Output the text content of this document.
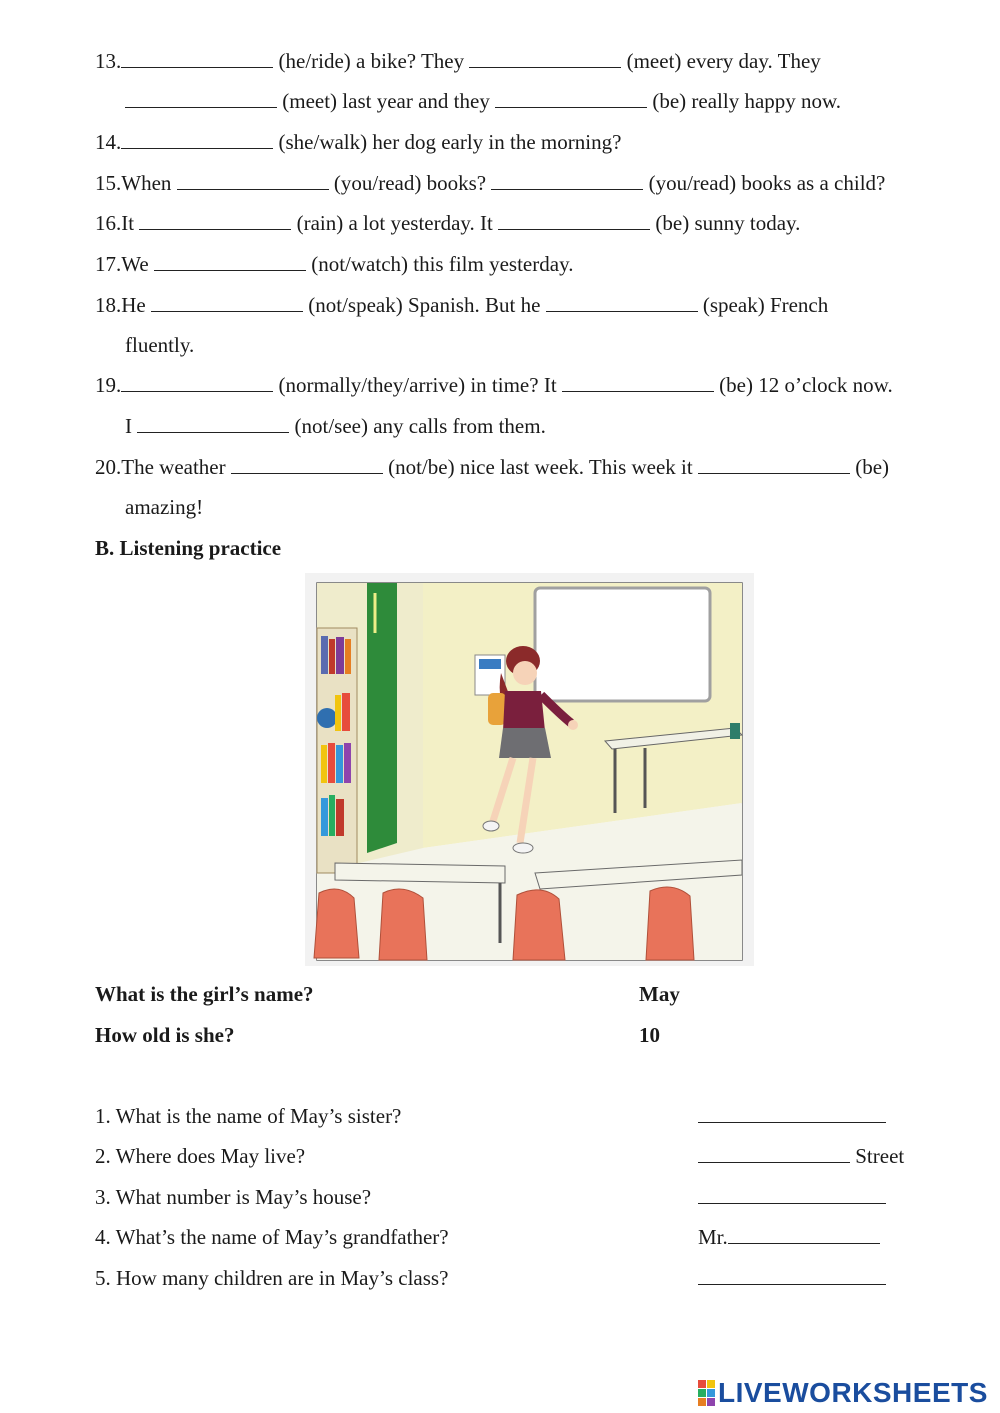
13.	(he/ride) a bike? They	(meet) every day. They
(meet) last year and they	(be) really happy now.
14.	(she/walk) her dog early in the morning?
15.When	(you/read) books?	(you/read) books as a child?
16.It	(rain) a lot yesterday. It	(be) sunny today.
17.We	(not/watch) this film yesterday.
18.He	(not/speak) Spanish. But he	(speak) French
fluently.
19.	(normally/they/arrive) in time? It	(be) 12 o’clock now.
I	(not/see) any calls from them.
20.The weather	(not/be) nice last week. This week it	(be)
amazing!
B. Listening practice
What is the girl’s name?	May
How old is she?	10
1. What is the name of May’s sister?
2. Where does May live?	Street
3. What number is May’s house?
4. What’s the name of May’s grandfather?	Mr.
5. How many children are in May’s class?
LIVEWORKSHEETS
